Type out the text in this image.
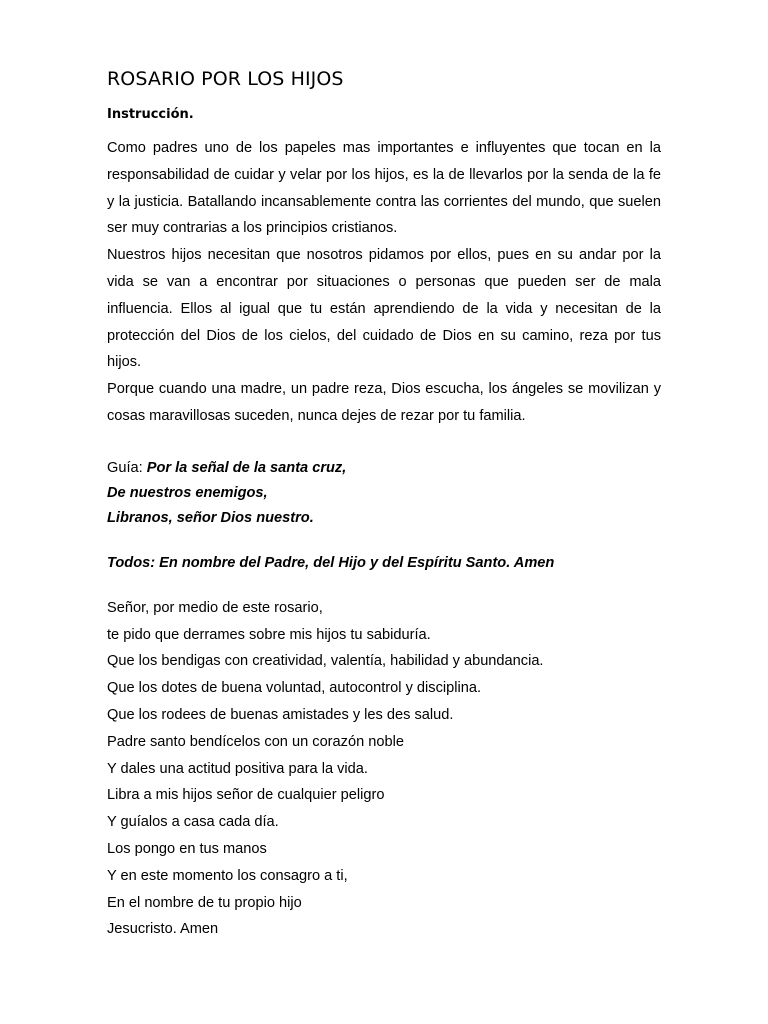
ROSARIO POR LOS HIJOS

Instrucción.

Como padres uno de los papeles mas importantes e influyentes que tocan en la responsabilidad de cuidar y velar por los hijos, es la de llevarlos por la senda de la fe y la justicia. Batallando incansablemente contra las corrientes del mundo, que suelen ser muy contrarias a los principios cristianos.

Nuestros hijos necesitan que nosotros pidamos por ellos, pues en su andar por la vida se van a encontrar por situaciones o personas que pueden ser de mala influencia. Ellos al igual que tu están aprendiendo de la vida y necesitan de la protección del Dios de los cielos, del cuidado de Dios en su camino, reza por tus hijos.

Porque cuando una madre, un padre reza, Dios escucha, los ángeles se movilizan y cosas maravillosas suceden, nunca dejes de rezar por tu familia.

Guía: Por la señal de la santa cruz,

De nuestros enemigos,

Libranos, señor Dios nuestro.

Todos: En nombre del Padre, del Hijo y del Espíritu Santo. Amen

Señor, por medio de este rosario,

te pido que derrames sobre mis hijos tu sabiduría.

Que los bendigas con creatividad, valentía, habilidad y abundancia.

Que los dotes de buena voluntad, autocontrol y disciplina.

Que los rodees de buenas amistades y les des salud.

Padre santo bendícelos con un corazón noble

Y dales una actitud positiva para la vida.

Libra a mis hijos señor de cualquier peligro

Y guíalos a casa cada día.

Los pongo en tus manos

Y en este momento los consagro a ti,

En el nombre de tu propio hijo

Jesucristo. Amen
